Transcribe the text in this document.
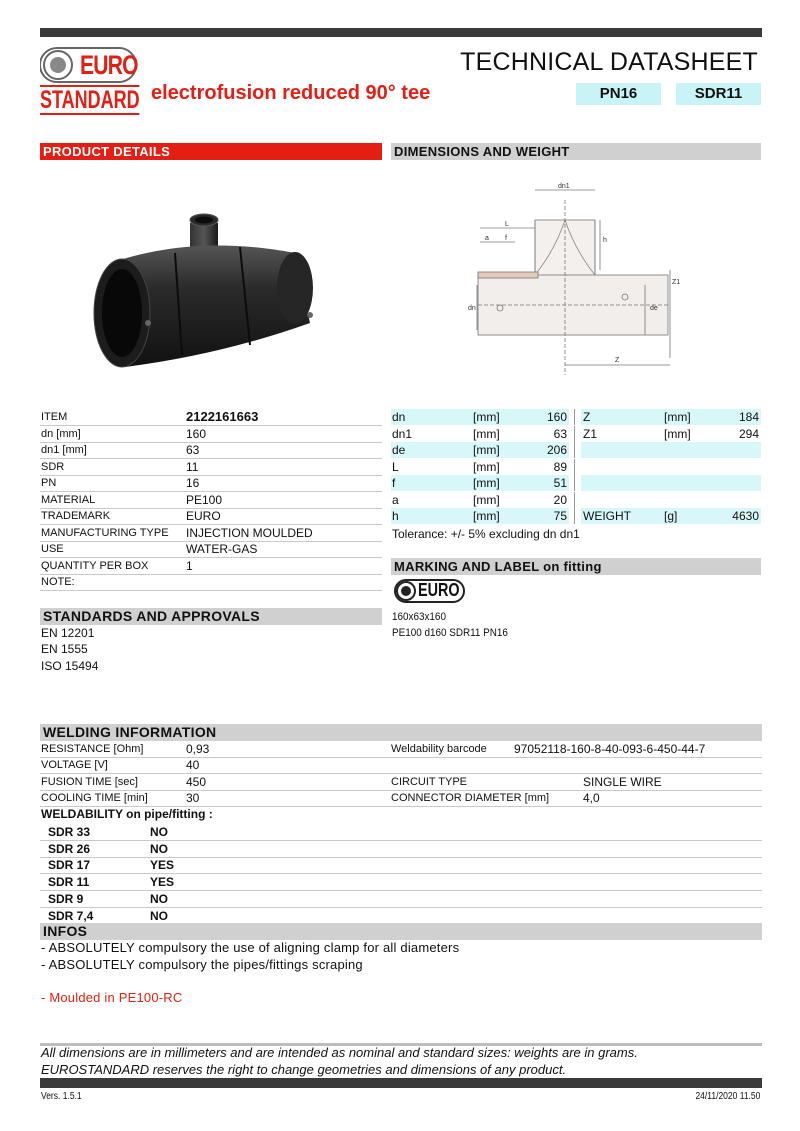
EURO
STANDARD
TECHNICAL DATASHEET
electrofusion reduced 90° tee	PN16	SDR11
PRODUCT DETAILS	DIMENSIONS AND WEIGHT
dn1
L
a f	h
dn	de
Z1
Z
ITEM	2122161663
dn [mm]	160
dn1 [mm]	63
SDR	11
PN	16
MATERIAL	PE100
TRADEMARK	EURO
MANUFACTURING TYPE INJECTION MOULDED
USE	WATER-GAS
QUANTITY PER BOX	1
NOTE:
dn	[mm]	160 Z	[mm]	184
dn1	[mm]	63 Z1	[mm]	294
de	[mm]	206
L	[mm]	89
f	[mm]	51
a	[mm]	20
h	[mm]	75 WEIGHT	[g]	4630
Tolerance: +/- 5% excluding dn dn1
MARKING AND LABEL on fitting
EURO
160x63x160
PE100 d160 SDR11 PN16
STANDARDS AND APPROVALS
EN 12201
EN 1555
ISO 15494
WELDING INFORMATION
RESISTANCE [Ohm]	0,93	Weldability barcode 97052118-160-8-40-093-6-450-44-7
VOLTAGE [V]	40
FUSION TIME [sec]	450	CIRCUIT TYPE	SINGLE WIRE
COOLING TIME [min]	30	CONNECTOR DIAMETER [mm]	4,0
WELDABILITY on pipe/fitting :
SDR 33	NO
SDR 26	NO
SDR 17	YES
SDR 11	YES
SDR 9	NO
SDR 7,4	NO
INFOS
- ABSOLUTELY compulsory the use of aligning clamp for all diameters
- ABSOLUTELY compulsory the pipes/fittings scraping
- Moulded in PE100-RC
All dimensions are in millimeters and are intended as nominal and standard sizes: weights are in grams.
EUROSTANDARD reserves the right to change geometries and dimensions of any product.
Vers. 1.5.1	24/11/2020 11.50
